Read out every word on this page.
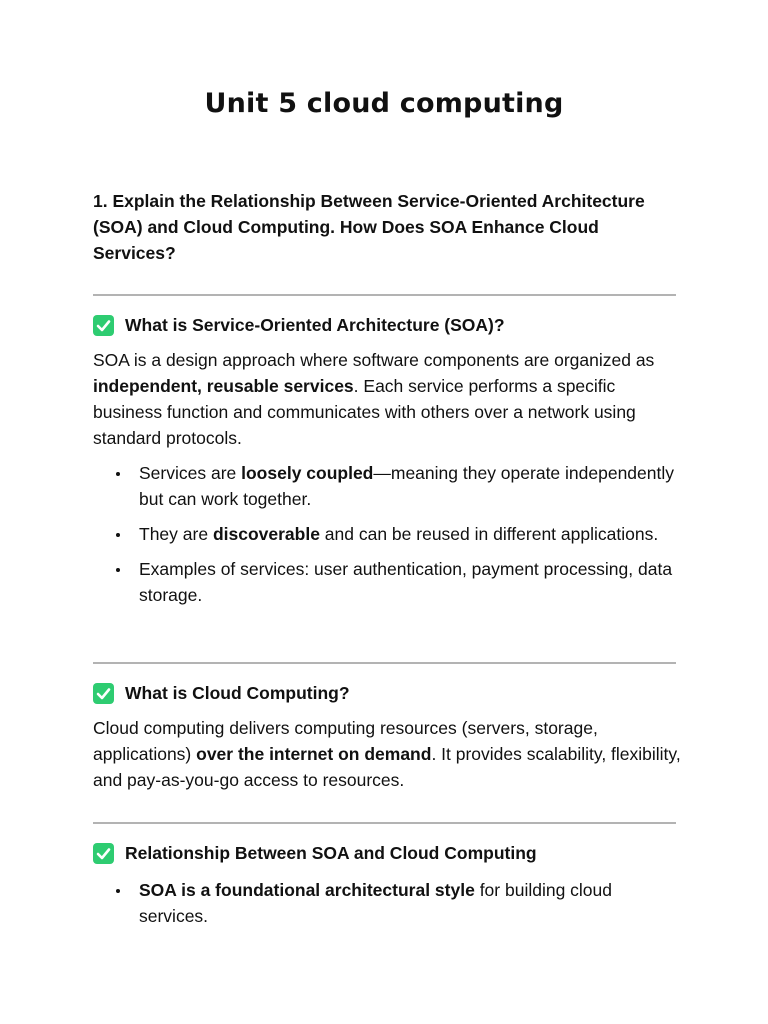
Unit 5 cloud computing

1. Explain the Relationship Between Service-Oriented Architecture (SOA) and Cloud Computing. How Does SOA Enhance Cloud Services?

What is Service-Oriented Architecture (SOA)?

SOA is a design approach where software components are organized as independent, reusable services. Each service performs a specific business function and communicates with others over a network using standard protocols.

Services are loosely coupled—meaning they operate independently but can work together.
They are discoverable and can be reused in different applications.
Examples of services: user authentication, payment processing, data storage.
What is Cloud Computing?

Cloud computing delivers computing resources (servers, storage, applications) over the internet on demand. It provides scalability, flexibility, and pay-as-you-go access to resources.

Relationship Between SOA and Cloud Computing
SOA is a foundational architectural style for building cloud services.
